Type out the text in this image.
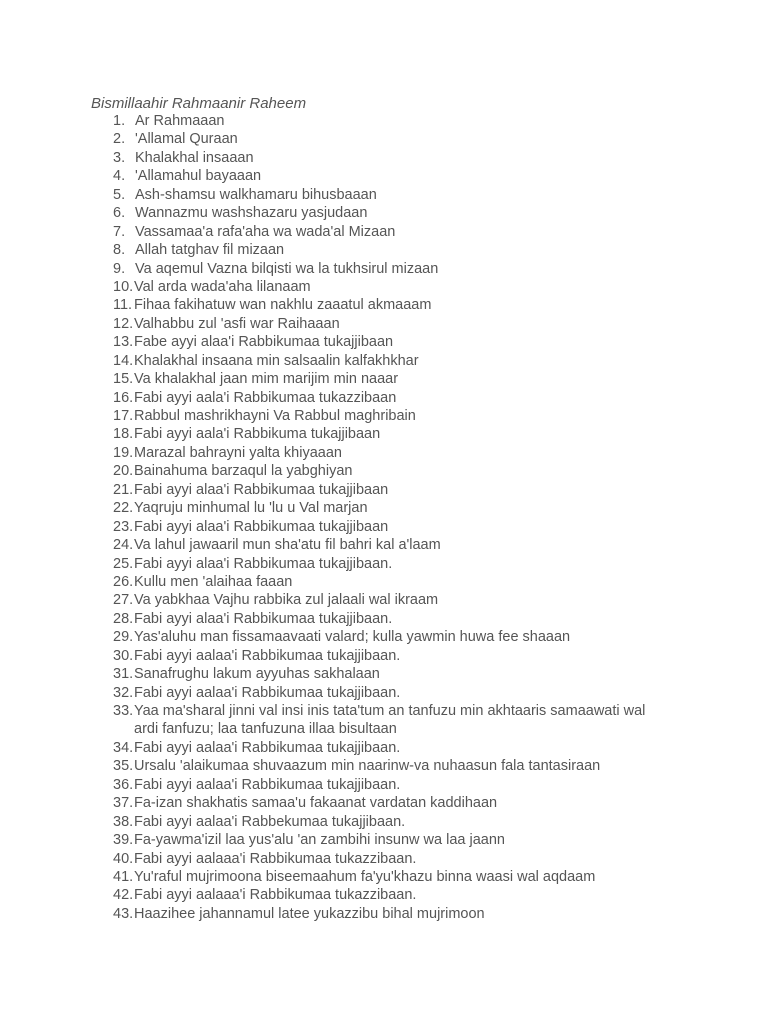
Bismillaahir Rahmaanir Raheem
1. Ar Rahmaaan
2. 'Allamal Quraan
3. Khalakhal insaaan
4. 'Allamahul bayaaan
5. Ash-shamsu walkhamaru bihusbaaan
6. Wannazmu washshazaru yasjudaan
7. Vassamaa'a rafa'aha wa wada'al Mizaan
8. Allah tatghav fil mizaan
9. Va aqemul Vazna bilqisti wa la tukhsirul mizaan
10. Val arda wada'aha lilanaam
11. Fihaa fakihatuw wan nakhlu zaaatul akmaaam
12. Valhabbu zul 'asfi war Raihaaan
13. Fabe ayyi alaa'i Rabbikumaa tukajjibaan
14. Khalakhal insaana min salsaalin kalfakhkhar
15. Va khalakhal jaan mim marijim min naaar
16. Fabi ayyi aala'i Rabbikumaa tukazzibaan
17. Rabbul mashrikhayni Va Rabbul maghribain
18. Fabi ayyi aala'i Rabbikuma tukajjibaan
19. Marazal bahrayni yalta khiyaaan
20. Bainahuma barzaqul la yabghiyan
21. Fabi ayyi alaa'i Rabbikumaa tukajjibaan
22. Yaqruju minhumal lu 'lu u Val marjan
23. Fabi ayyi alaa'i Rabbikumaa tukajjibaan
24. Va lahul jawaaril mun sha'atu fil bahri kal a'laam
25. Fabi ayyi alaa'i Rabbikumaa tukajjibaan.
26. Kullu men 'alaihaa faaan
27. Va yabkhaa Vajhu rabbika zul jalaali wal ikraam
28. Fabi ayyi alaa'i Rabbikumaa tukajjibaan.
29. Yas'aluhu man fissamaavaati valard; kulla yawmin huwa fee shaaan
30. Fabi ayyi aalaa'i Rabbikumaa tukajjibaan.
31. Sanafrughu lakum ayyuhas sakhalaan
32. Fabi ayyi aalaa'i Rabbikumaa tukajjibaan.
33. Yaa ma'sharal jinni val insi inis tata'tum an tanfuzu min akhtaaris samaawati wal ardi fanfuzu; laa tanfuzuna illaa bisultaan
34. Fabi ayyi aalaa'i Rabbikumaa tukajjibaan.
35. Ursalu 'alaikumaa shuvaazum min naarinw-va nuhaasun fala tantasiraan
36. Fabi ayyi aalaa'i Rabbikumaa tukajjibaan.
37. Fa-izan shakhatis samaa'u fakaanat vardatan kaddihaan
38. Fabi ayyi aalaa'i Rabbekumaa tukajjibaan.
39. Fa-yawma'izil laa yus'alu 'an zambihi insunw wa laa jaann
40. Fabi ayyi aalaaa'i Rabbikumaa tukazzibaan.
41. Yu'raful mujrimoona biseemaahum fa'yu'khazu binna waasi wal aqdaam
42. Fabi ayyi aalaaa'i Rabbikumaa tukazzibaan.
43. Haazihee jahannamul latee yukazzibu bihal mujrimoon
